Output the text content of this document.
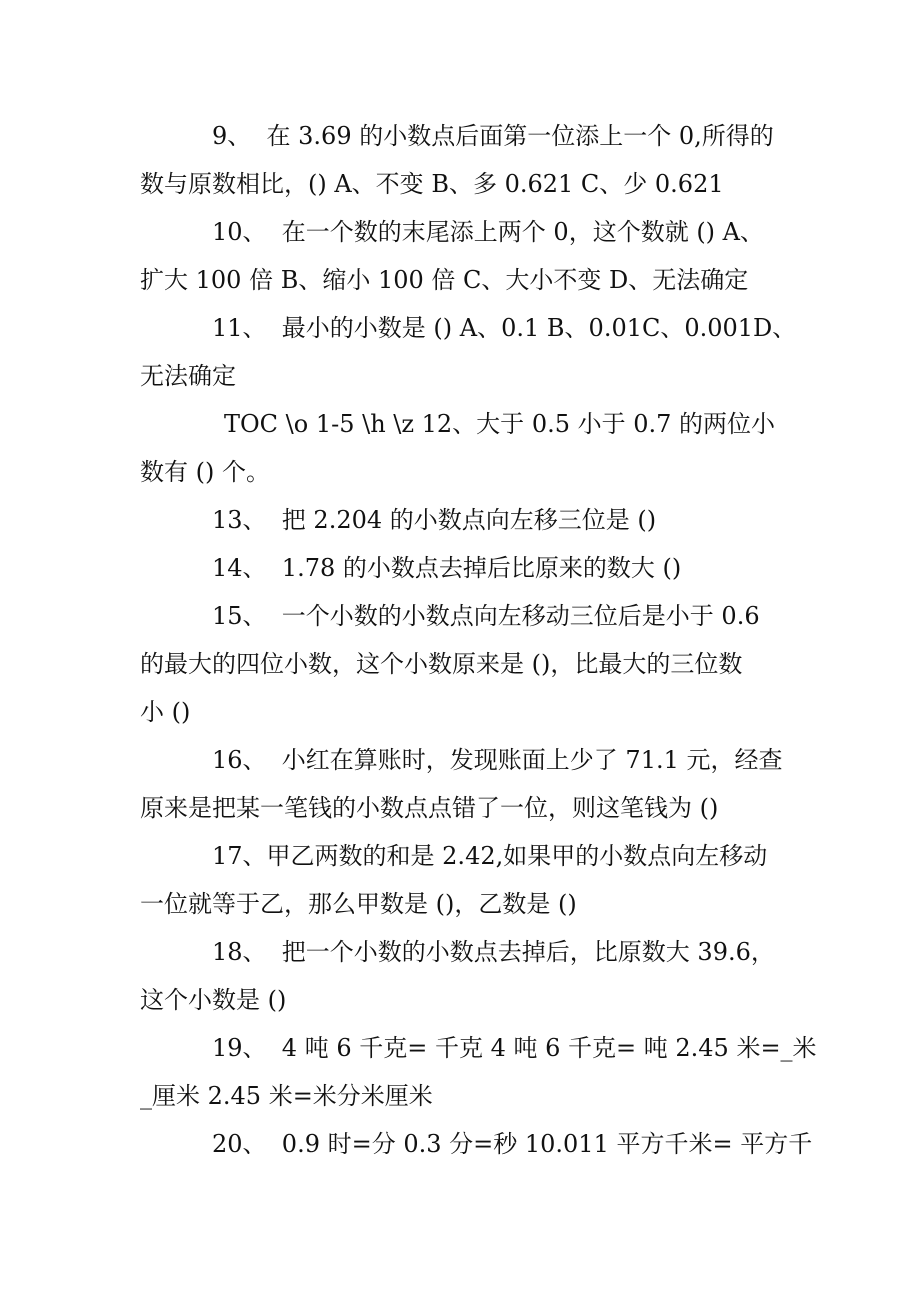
9、  在 3.69 的小数点后面第一位添上一个 0,所得的
数与原数相比，() A、不变 B、多 0.621 C、少 0.621
10、  在一个数的末尾添上两个 0，这个数就 () A、
扩大 100 倍 B、缩小 100 倍 C、大小不变 D、无法确定
11、  最小的小数是 () A、0.1 B、0.01C、0.001D、
无法确定
TOC \o 1-5 \h \z 12、大于 0.5 小于 0.7 的两位小
数有 () 个。
13、  把 2.204 的小数点向左移三位是 ()
14、  1.78 的小数点去掉后比原来的数大 ()
15、  一个小数的小数点向左移动三位后是小于 0.6
的最大的四位小数，这个小数原来是 ()，比最大的三位数
小 ()
16、  小红在算账时，发现账面上少了 71.1 元，经查
原来是把某一笔钱的小数点点错了一位，则这笔钱为 ()
17、甲乙两数的和是 2.42,如果甲的小数点向左移动
一位就等于乙，那么甲数是 ()，乙数是 ()
18、  把一个小数的小数点去掉后，比原数大 39.6，
这个小数是 ()
19、  4 吨 6 千克= 千克 4 吨 6 千克= 吨 2.45 米=_米
_厘米 2.45 米=米分米厘米
20、  0.9 时=分 0.3 分=秒 10.011 平方千米= 平方千
